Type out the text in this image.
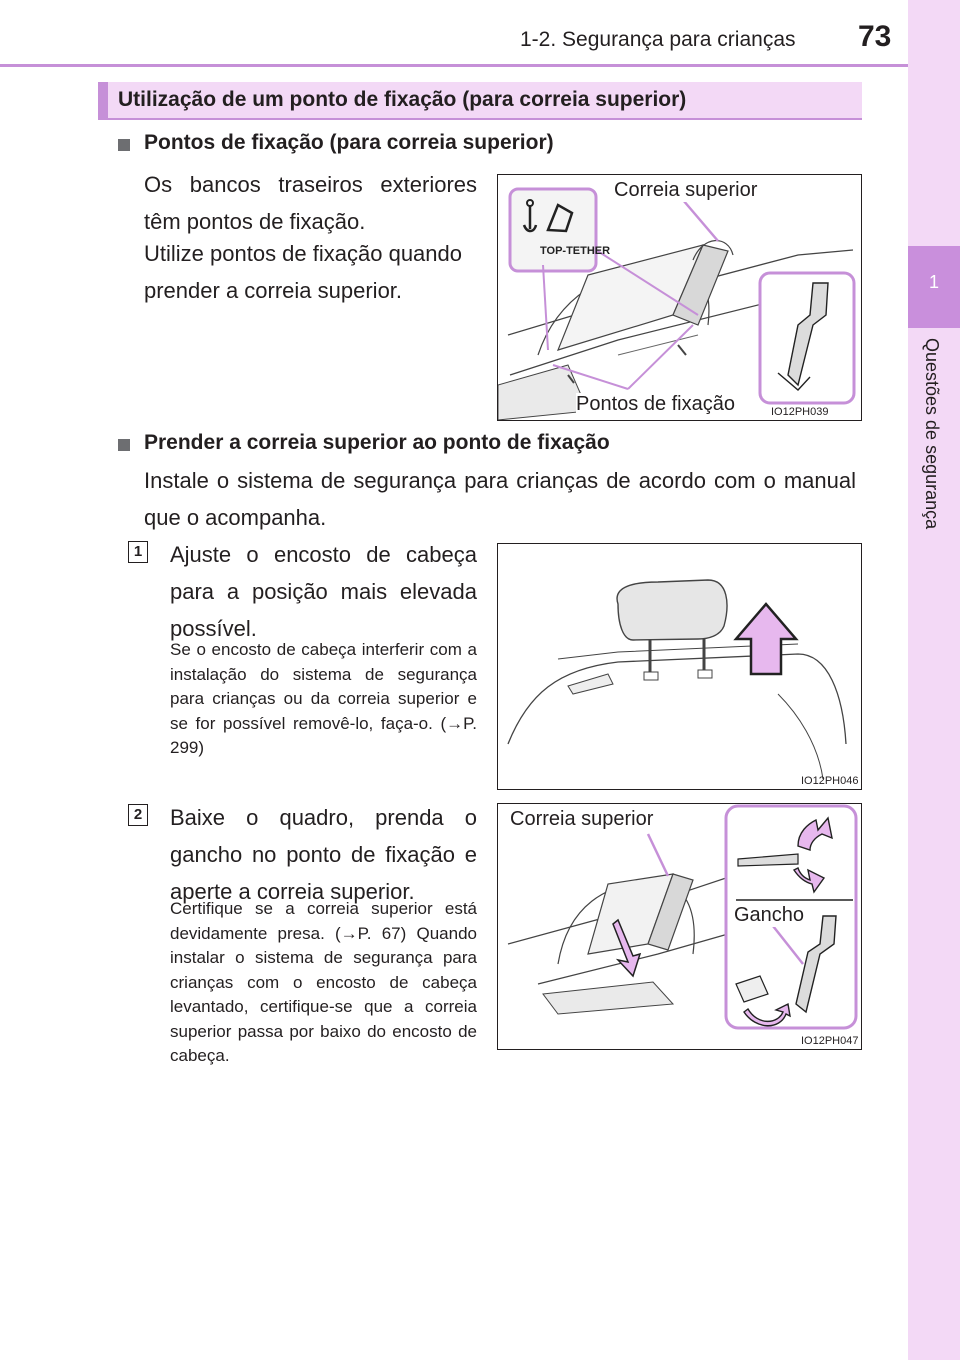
1-2. Segurança para crianças 73
1
Questões de segurança
Utilização de um ponto de fixação (para correia superior)
Pontos de fixação (para correia superior)
Os bancos traseiros exteriores têm pontos de fixação.
Utilize pontos de fixação quando prender a correia superior.
TOP-TETHER
Correia superior
Pontos de fixação	IO12PH039
Prender a correia superior ao ponto de fixação
Instale o sistema de segurança para crianças de acordo com o manual que o acompanha.
1 Ajuste o encosto de cabeça para a posição mais elevada possível.
Se o encosto de cabeça interferir com a instalação do sistema de segurança para crianças ou da correia superior e se for possível removê-lo, faça-o. (→P. 299)
IO12PH046
2 Baixe o quadro, prenda o gancho no ponto de fixação e aperte a correia superior.
Certifique se a correia superior está devidamente presa. (→P. 67) Quando instalar o sistema de segurança para crianças com o encosto de cabeça levantado, certifique-se que a correia superior passa por baixo do encosto de cabeça.
Correia superior
Gancho
IO12PH047
